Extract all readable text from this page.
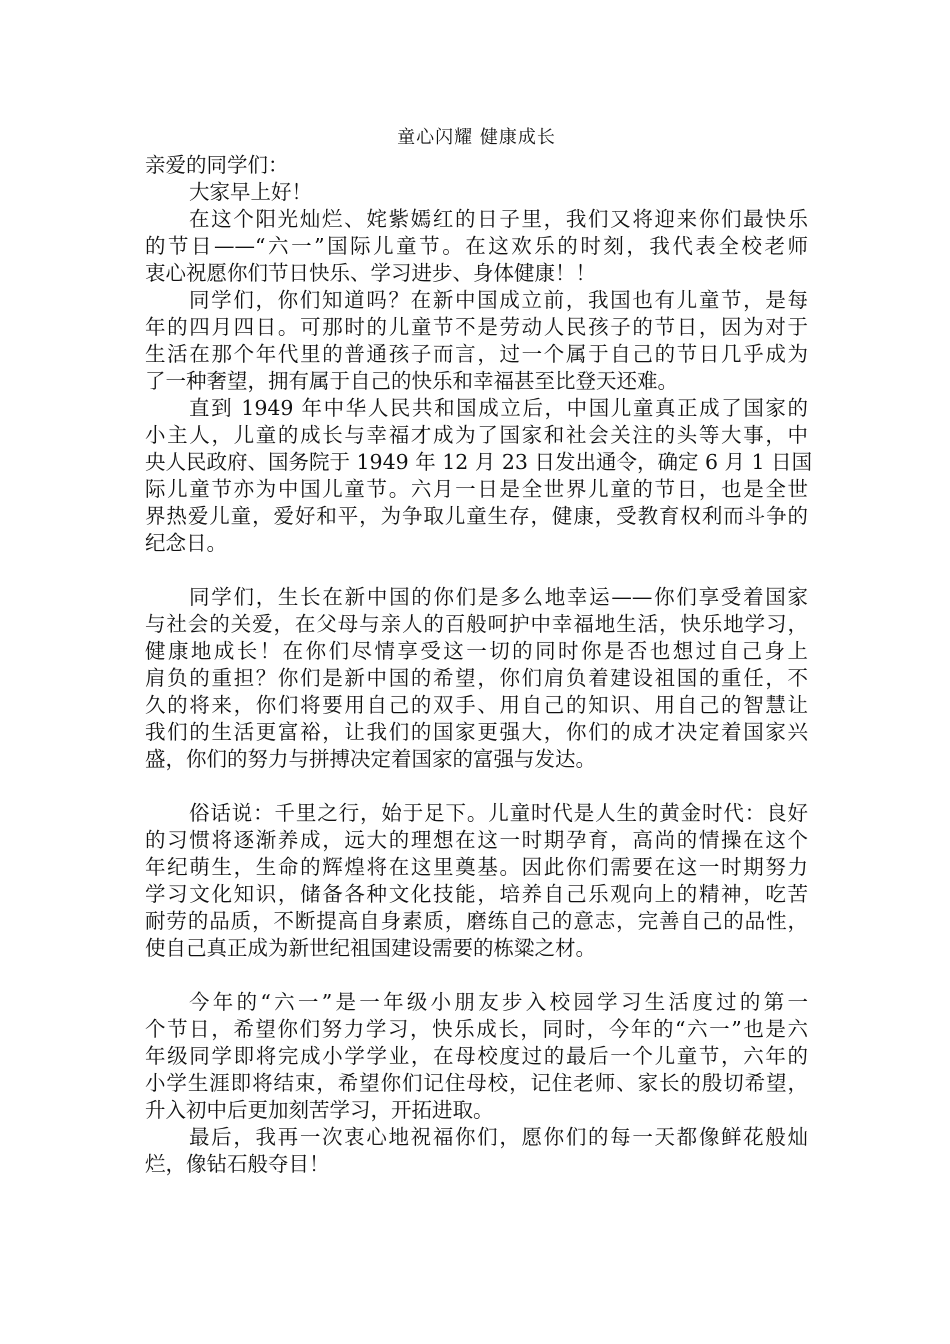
童心闪耀 健康成长
亲爱的同学们：
大家早上好！
在这个阳光灿烂、姹紫嫣红的日子里，我们又将迎来你们最快乐
的节日——“六一”国际儿童节。在这欢乐的时刻，我代表全校老师
衷心祝愿你们节日快乐、学习进步、身体健康！！
同学们，你们知道吗？在新中国成立前，我国也有儿童节，是每
年的四月四日。可那时的儿童节不是劳动人民孩子的节日，因为对于
生活在那个年代里的普通孩子而言，过一个属于自己的节日几乎成为
了一种奢望，拥有属于自己的快乐和幸福甚至比登天还难。
直到 1949 年中华人民共和国成立后，中国儿童真正成了国家的
小主人，儿童的成长与幸福才成为了国家和社会关注的头等大事，中
央人民政府、国务院于 1949 年 12 月 23 日发出通令，确定 6 月 1 日国
际儿童节亦为中国儿童节。六月一日是全世界儿童的节日，也是全世
界热爱儿童，爱好和平，为争取儿童生存，健康，受教育权利而斗争的
纪念日。
同学们，生长在新中国的你们是多么地幸运——你们享受着国家
与社会的关爱，在父母与亲人的百般呵护中幸福地生活，快乐地学习，
健康地成长！在你们尽情享受这一切的同时你是否也想过自己身上
肩负的重担？你们是新中国的希望，你们肩负着建设祖国的重任，不
久的将来，你们将要用自己的双手、用自己的知识、用自己的智慧让
我们的生活更富裕，让我们的国家更强大，你们的成才决定着国家兴
盛，你们的努力与拼搏决定着国家的富强与发达。
俗话说：千里之行，始于足下。儿童时代是人生的黄金时代：良好
的习惯将逐渐养成，远大的理想在这一时期孕育，高尚的情操在这个
年纪萌生，生命的辉煌将在这里奠基。因此你们需要在这一时期努力
学习文化知识，储备各种文化技能，培养自己乐观向上的精神，吃苦
耐劳的品质，不断提高自身素质，磨练自己的意志，完善自己的品性，
使自己真正成为新世纪祖国建设需要的栋粱之材。
今年的“六一”是一年级小朋友步入校园学习生活度过的第一
个节日，希望你们努力学习，快乐成长，同时，今年的“六一”也是六
年级同学即将完成小学学业，在母校度过的最后一个儿童节，六年的
小学生涯即将结束，希望你们记住母校，记住老师、家长的殷切希望，
升入初中后更加刻苦学习，开拓进取。
最后，我再一次衷心地祝福你们，愿你们的每一天都像鲜花般灿
烂，像钻石般夺目！
